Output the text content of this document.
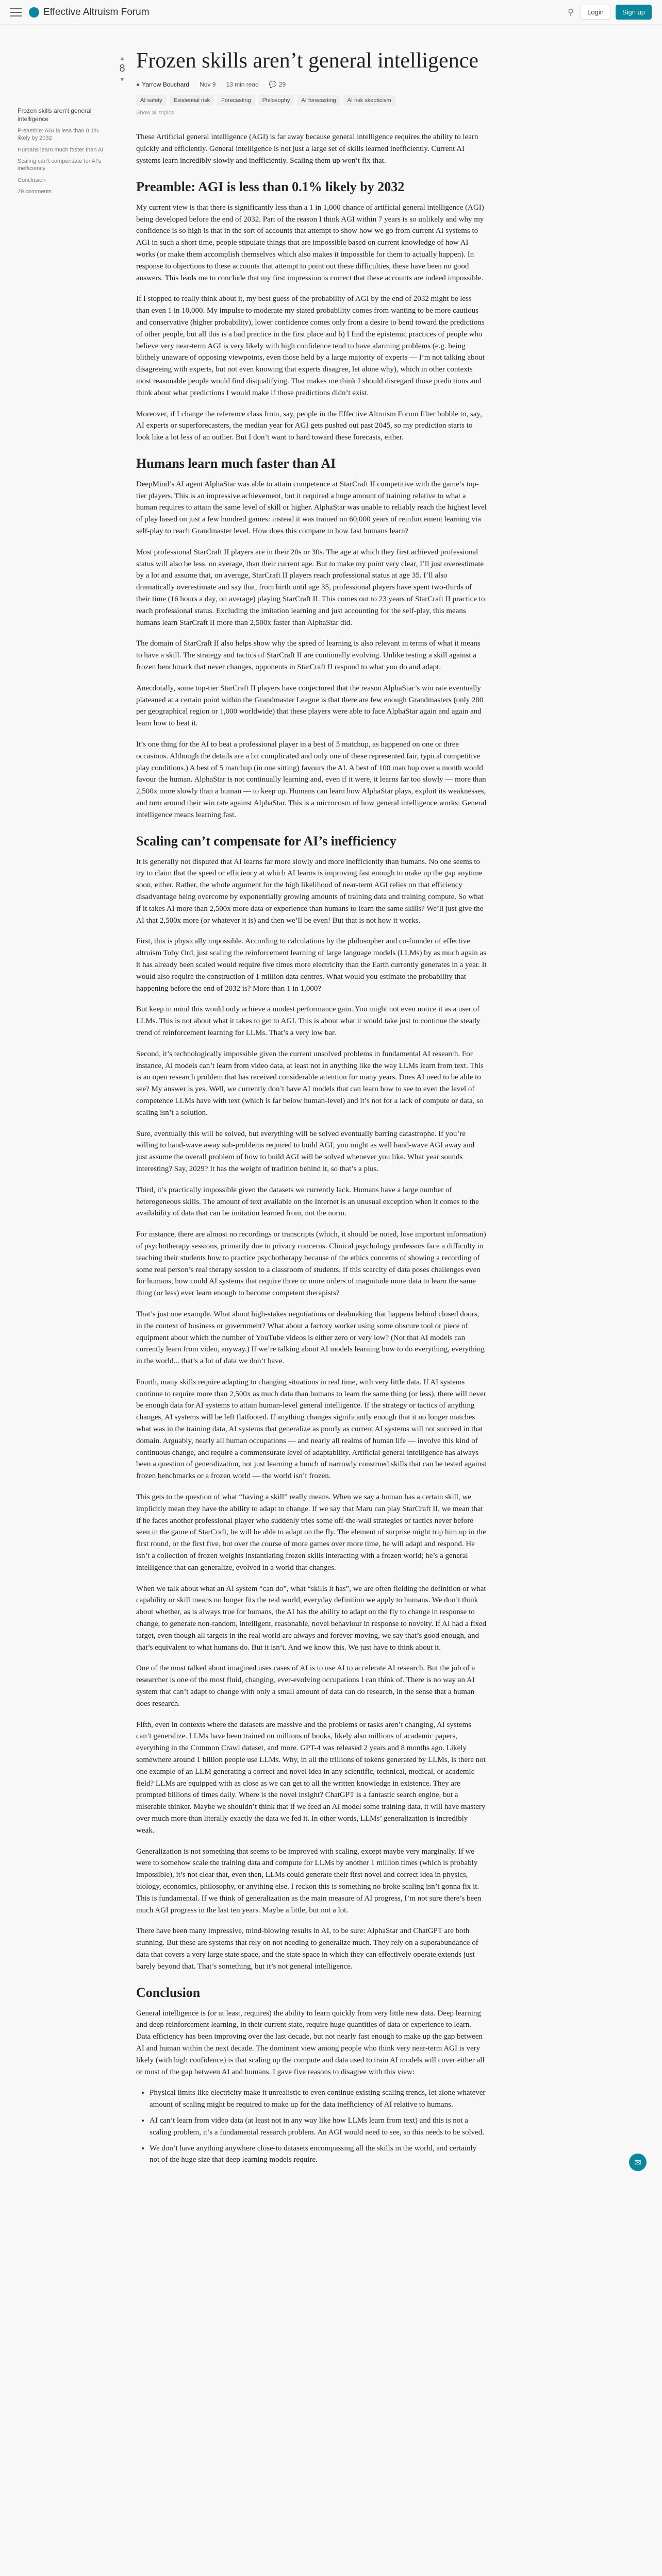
Effective Altruism Forum	⚲	Login	Sign up
Frozen skills aren’t general intelligence
Preamble: AGI is less than 0.1% likely by 2032
Humans learn much faster than AI
Scaling can’t compensate for AI’s inefficiency
Conclusion
29 comments
▲
8
▼
Frozen skills aren’t general intelligence
● Yarrow Bouchard · Nov 9 · 13 min read · 💬 29
AI safety	Existential risk	Forecasting	Philosophy	AI forecasting	AI risk skepticism
Show all topics

These Artificial general intelligence (AGI) is far away because general intelligence requires the ability to learn quickly and efficiently. General intelligence is not just a large set of skills learned inefficiently. Current AI systems learn incredibly slowly and inefficiently. Scaling them up won’t fix that.

Preamble: AGI is less than 0.1% likely by 2032

My current view is that there is significantly less than a 1 in 1,000 chance of artificial general intelligence (AGI) being developed before the end of 2032. Part of the reason I think AGI within 7 years is so unlikely and why my confidence is so high is that in the sort of accounts that attempt to show how we go from current AI systems to AGI in such a short time, people stipulate things that are impossible based on current knowledge of how AI works (or make them accomplish themselves which also makes it impossible for them to actually happen). In response to objections to these accounts that attempt to point out these difficulties, these have been no good answers. This leads me to conclude that my first impression is correct that these accounts are indeed impossible.

If I stopped to really think about it, my best guess of the probability of AGI by the end of 2032 might be less than even 1 in 10,000. My impulse to moderate my stated probability comes from wanting to be more cautious and conservative (higher probability), lower confidence comes only from a desire to bend toward the predictions of other people, but all this is a bad practice in the first place and b) I find the epistemic practices of people who believe very near-term AGI is very likely with high confidence tend to have alarming problems (e.g. being blithely unaware of opposing viewpoints, even those held by a large majority of experts — I’m not talking about disagreeing with experts, but not even knowing that experts disagree, let alone why), which in other contexts most reasonable people would find disqualifying. That makes me think I should disregard those predictions and think about what predictions I would make if those predictions didn’t exist.

Moreover, if I change the reference class from, say, people in the Effective Altruism Forum filter bubble to, say, AI experts or superforecasters, the median year for AGI gets pushed out past 2045, so my prediction starts to look like a lot less of an outlier. But I don’t want to hard toward these forecasts, either.

Humans learn much faster than AI

DeepMind’s AI agent AlphaStar was able to attain competence at StarCraft II competitive with the game’s top-tier players. This is an impressive achievement, but it required a huge amount of training relative to what a human requires to attain the same level of skill or higher. AlphaStar was unable to reliably reach the highest level of play based on just a few hundred games: instead it was trained on 60,000 years of reinforcement learning via self-play to reach Grandmaster level. How does this compare to how fast humans learn?

Most professional StarCraft II players are in their 20s or 30s. The age at which they first achieved professional status will also be less, on average, than their current age. But to make my point very clear, I’ll just overestimate by a lot and assume that, on average, StarCraft II players reach professional status at age 35. I’ll also dramatically overestimate and say that, from birth until age 35, professional players have spent two-thirds of their time (16 hours a day, on average) playing StarCraft II. This comes out to 23 years of StarCraft II practice to reach professional status. Excluding the imitation learning and just accounting for the self-play, this means humans learn StarCraft II more than 2,500x faster than AlphaStar did.

The domain of StarCraft II also helps show why the speed of learning is also relevant in terms of what it means to have a skill. The strategy and tactics of StarCraft II are continually evolving. Unlike testing a skill against a frozen benchmark that never changes, opponents in StarCraft II respond to what you do and adapt.

Anecdotally, some top-tier StarCraft II players have conjectured that the reason AlphaStar’s win rate eventually plateaued at a certain point within the Grandmaster League is that there are few enough Grandmasters (only 200 per geographical region or 1,000 worldwide) that these players were able to face AlphaStar again and again and learn how to beat it.

It’s one thing for the AI to beat a professional player in a best of 5 matchup, as happened on one or three occasions. Although the details are a bit complicated and only one of these represented fair, typical competitive play conditions.) A best of 5 matchup (in one sitting) favours the AI. A best of 100 matchup over a month would favour the human. AlphaStar is not continually learning and, even if it were, it learns far too slowly — more than 2,500x more slowly than a human — to keep up. Humans can learn how AlphaStar plays, exploit its weaknesses, and turn around their win rate against AlphaStar. This is a microcosm of how general intelligence works: General intelligence means learning fast.

Scaling can’t compensate for AI’s inefficiency

It is generally not disputed that AI learns far more slowly and more inefficiently than humans. No one seems to try to claim that the speed or efficiency at which AI learns is improving fast enough to make up the gap anytime soon, either. Rather, the whole argument for the high likelihood of near-term AGI relies on that efficiency disadvantage being overcome by exponentially growing amounts of training data and training compute. So what if it takes AI more than 2,500x more data or experience than humans to learn the same skills? We’ll just give the AI that 2,500x more (or whatever it is) and then we’ll be even! But that is not how it works.

First, this is physically impossible. According to calculations by the philosopher and co-founder of effective altruism Toby Ord, just scaling the reinforcement learning of large language models (LLMs) by as much again as it has already been scaled would require five times more electricity than the Earth currently generates in a year. It would also require the construction of 1 million data centres. What would you estimate the probability that happening before the end of 2032 is? More than 1 in 1,000?

But keep in mind this would only achieve a modest performance gain. You might not even notice it as a user of LLMs. This is not about what it takes to get to AGI. This is about what it would take just to continue the steady trend of reinforcement learning for LLMs. That’s a very low bar.

Second, it’s technologically impossible given the current unsolved problems in fundamental AI research. For instance, AI models can’t learn from video data, at least not in anything like the way LLMs learn from text. This is an open research problem that has received considerable attention for many years. Does AI need to be able to see? My answer is yes. Well, we currently don’t have AI models that can learn how to see to even the level of competence LLMs have with text (which is far below human-level) and it’s not for a lack of compute or data, so scaling isn’t a solution.

Sure, eventually this will be solved, but everything will be solved eventually barring catastrophe. If you’re willing to hand-wave away sub-problems required to build AGI, you might as well hand-wave AGI away and just assume the overall problem of how to build AGI will be solved whenever you like. What year sounds interesting? Say, 2029? It has the weight of tradition behind it, so that’s a plus.

Third, it’s practically impossible given the datasets we currently lack. Humans have a large number of heterogeneous skills. The amount of text available on the Internet is an unusual exception when it comes to the availability of data that can be imitation learned from, not the norm.

For instance, there are almost no recordings or transcripts (which, it should be noted, lose important information) of psychotherapy sessions, primarily due to privacy concerns. Clinical psychology professors face a difficulty in teaching their students how to practice psychotherapy because of the ethics concerns of showing a recording of some real person’s real therapy session to a classroom of students. If this scarcity of data poses challenges even for humans, how could AI systems that require three or more orders of magnitude more data to learn the same thing (or less) ever learn enough to become competent therapists?

That’s just one example. What about high-stakes negotiations or dealmaking that happens behind closed doors, in the context of business or government? What about a factory worker using some obscure tool or piece of equipment about which the number of YouTube videos is either zero or very low? (Not that AI models can currently learn from video, anyway.) If we’re talking about AI models learning how to do everything, everything in the world... that’s a lot of data we don’t have.

Fourth, many skills require adapting to changing situations in real time, with very little data. If AI systems continue to require more than 2,500x as much data than humans to learn the same thing (or less), there will never be enough data for AI systems to attain human-level general intelligence. If the strategy or tactics of anything changes, AI systems will be left flatfooted. If anything changes significantly enough that it no longer matches what was in the training data, AI systems that generalize as poorly as current AI systems will not succeed in that domain. Arguably, nearly all human occupations — and nearly all realms of human life — involve this kind of continuous change, and require a commensurate level of adaptability. Artificial general intelligence has always been a question of generalization, not just learning a bunch of narrowly construed skills that can be tested against frozen benchmarks or a frozen world — the world isn’t frozen.

This gets to the question of what “having a skill” really means. When we say a human has a certain skill, we implicitly mean they have the ability to adapt to change. If we say that Maru can play StarCraft II, we mean that if he faces another professional player who suddenly tries some off-the-wall strategies or tactics never before seen in the game of StarCraft, he will be able to adapt on the fly. The element of surprise might trip him up in the first round, or the first five, but over the course of more games over more time, he will adapt and respond. He isn’t a collection of frozen weights instantiating frozen skills interacting with a frozen world; he’s a general intelligence that can generalize, evolved in a world that changes.

When we talk about what an AI system “can do”, what “skills it has”, we are often fielding the definition or what capability or skill means no longer fits the real world, everyday definition we apply to humans. We don’t think about whether, as is always true for humans, the AI has the ability to adapt on the fly to change in response to change, to generate non-random, intelligent, reasonable, novel behaviour in response to novelty. If AI had a fixed target, even though all targets in the real world are always and forever moving, we say that’s good enough, and that’s equivalent to what humans do. But it isn’t. And we know this. We just have to think about it.

One of the most talked about imagined uses cases of AI is to use AI to accelerate AI research. But the job of a researcher is one of the most fluid, changing, ever-evolving occupations I can think of. There is no way an AI system that can’t adapt to change with only a small amount of data can do research, in the sense that a human does research.

Fifth, even in contexts where the datasets are massive and the problems or tasks aren’t changing, AI systems can’t generalize. LLMs have been trained on millions of books, likely also millions of academic papers, everything in the Common Crawl dataset, and more. GPT-4 was released 2 years and 8 months ago. Likely somewhere around 1 billion people use LLMs. Why, in all the trillions of tokens generated by LLMs, is there not one example of an LLM generating a correct and novel idea in any scientific, technical, medical, or academic field? LLMs are equipped with as close as we can get to all the written knowledge in existence. They are prompted billions of times daily. Where is the novel insight? ChatGPT is a fantastic search engine, but a miserable thinker. Maybe we shouldn’t think that if we feed an AI model some training data, it will have mastery over much more than literally exactly the data we fed it. In other words, LLMs’ generalization is incredibly weak.

Generalization is not something that seems to be improved with scaling, except maybe very marginally. If we were to somehow scale the training data and compute for LLMs by another 1 million times (which is probably impossible), it’s not clear that, even then, LLMs could generate their first novel and correct idea in physics, biology, economics, philosophy, or anything else. I reckon this is something no broke scaling isn’t gonna fix it. This is fundamental. If we think of generalization as the main measure of AI progress, I’m not sure there’s been much AGI progress in the last ten years. Maybe a little, but not a lot.

There have been many impressive, mind-blowing results in AI, to be sure: AlphaStar and ChatGPT are both stunning. But these are systems that rely on not needing to generalize much. They rely on a superabundance of data that covers a very large state space, and the state space in which they can effectively operate extends just barely beyond that. That’s something, but it’s not general intelligence.

Conclusion

General intelligence is (or at least, requires) the ability to learn quickly from very little new data. Deep learning and deep reinforcement learning, in their current state, require huge quantities of data or experience to learn. Data efficiency has been improving over the last decade, but not nearly fast enough to make up the gap between AI and human within the next decade. The dominant view among people who think very near-term AGI is very likely (with high confidence) is that scaling up the compute and data used to train AI models will cover either all or most of the gap between AI and humans. I gave five reasons to disagree with this view:

• Physical limits like electricity make it unrealistic to even continue existing scaling trends, let alone whatever amount of scaling might be required to make up for the data inefficiency of AI relative to humans.
• AI can’t learn from video data (at least not in any way like how LLMs learn from text) and this is not a scaling problem, it’s a fundamental research problem. An AGI would need to see, so this needs to be solved.
• We don’t have anything anywhere close-to datasets encompassing all the skills in the world, and certainly not of the huge size that deep learning models require.	✉
